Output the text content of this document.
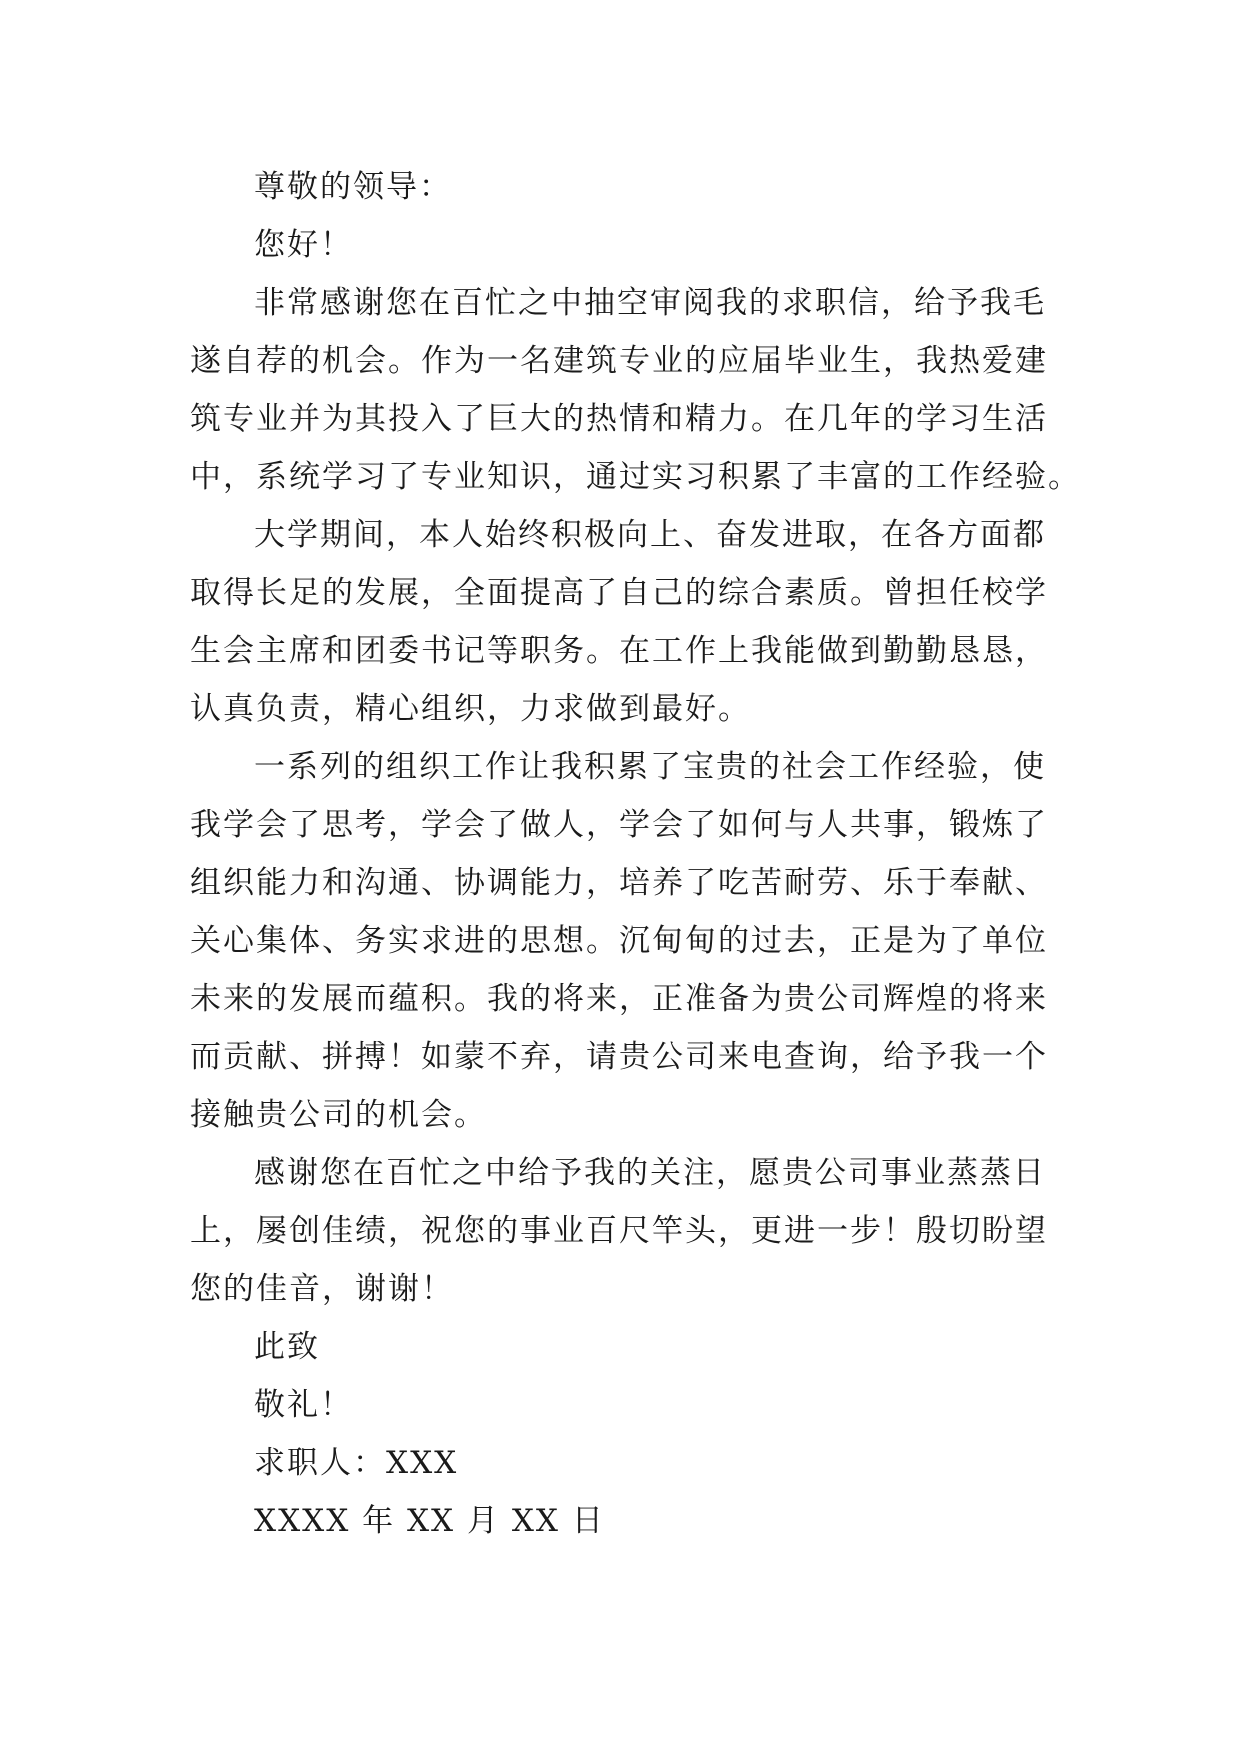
尊敬的领导：
您好！
非常感谢您在百忙之中抽空审阅我的求职信，给予我毛
遂自荐的机会。作为一名建筑专业的应届毕业生，我热爱建
筑专业并为其投入了巨大的热情和精力。在几年的学习生活
中，系统学习了专业知识，通过实习积累了丰富的工作经验。
大学期间，本人始终积极向上、奋发进取，在各方面都
取得长足的发展，全面提高了自己的综合素质。曾担任校学
生会主席和团委书记等职务。在工作上我能做到勤勤恳恳，
认真负责，精心组织，力求做到最好。
一系列的组织工作让我积累了宝贵的社会工作经验，使
我学会了思考，学会了做人，学会了如何与人共事，锻炼了
组织能力和沟通、协调能力，培养了吃苦耐劳、乐于奉献、
关心集体、务实求进的思想。沉甸甸的过去，正是为了单位
未来的发展而蕴积。我的将来，正准备为贵公司辉煌的将来
而贡献、拼搏！如蒙不弃，请贵公司来电查询，给予我一个
接触贵公司的机会。
感谢您在百忙之中给予我的关注，愿贵公司事业蒸蒸日
上，屡创佳绩，祝您的事业百尺竿头，更进一步！殷切盼望
您的佳音，谢谢！
此致
敬礼！
求职人：XXX
XXXX 年 XX 月 XX 日
